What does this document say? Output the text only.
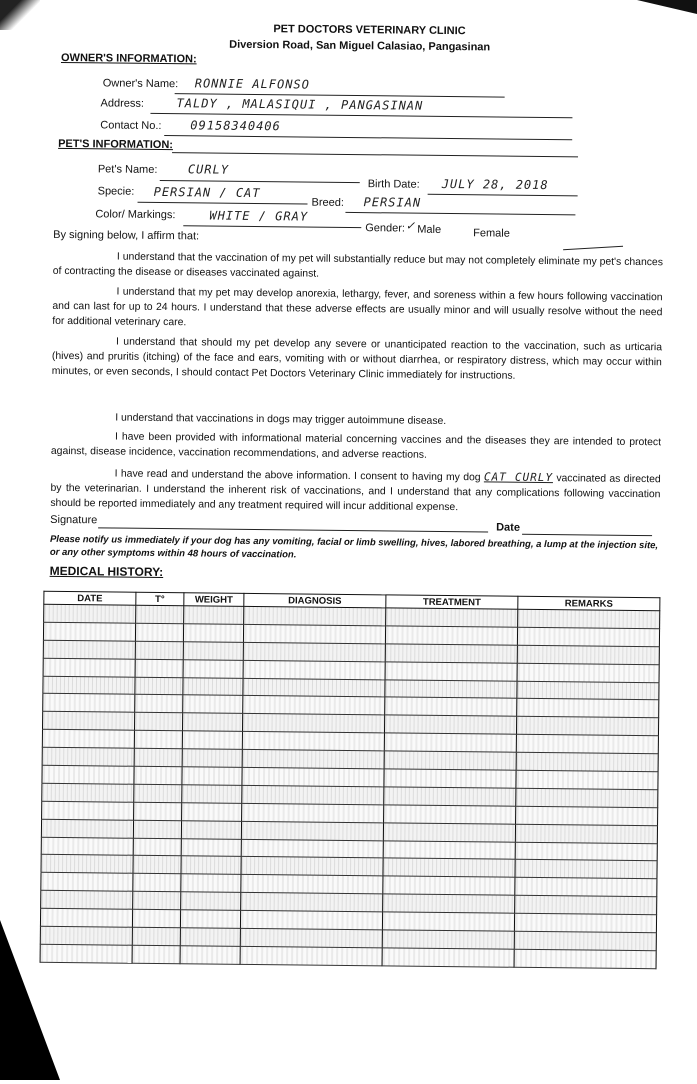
PET DOCTORS VETERINARY CLINIC
Diversion Road, San Miguel Calasiao, Pangasinan
OWNER'S INFORMATION:
Owner's Name: RONNIE ALFONSO
Address:	TALDY , MALASIQUI , PANGASINAN
Contact No.: 09158340406
PET'S INFORMATION:
Pet's Name:	CURLY
Birth Date: JULY 28, 2018
Specie: PERSIAN / CAT
Breed: PERSIAN
Color/ Markings:	WHITE / GRAY
Gender: ✓ Male	Female
By signing below, I affirm that:
I understand that the vaccination of my pet will substantially reduce but may not completely eliminate my pet's chances of contracting the disease or diseases vaccinated against.
I understand that my pet may develop anorexia, lethargy, fever, and soreness within a few hours following vaccination and can last for up to 24 hours. I understand that these adverse effects are usually minor and will usually resolve without the need for additional veterinary care.
I understand that should my pet develop any severe or unanticipated reaction to the vaccination, such as urticaria (hives) and pruritis (itching) of the face and ears, vomiting with or without diarrhea, or respiratory distress, which may occur within minutes, or even seconds, I should contact Pet Doctors Veterinary Clinic immediately for instructions.
I understand that vaccinations in dogs may trigger autoimmune disease.
I have been provided with informational material concerning vaccines and the diseases they are intended to protect against, disease incidence, vaccination recommendations, and adverse reactions.
I have read and understand the above information. I consent to having my dog CAT CURLY vaccinated as directed by the veterinarian. I understand the inherent risk of vaccinations, and I understand that any complications following vaccination should be reported immediately and any treatment required will incur additional expense.
Signature
Date
Please notify us immediately if your dog has any vomiting, facial or limb swelling, hives, labored breathing, a lump at the injection site, or any other symptoms within 48 hours of vaccination.
MEDICAL HISTORY:
DATE	T°	WEIGHT	DIAGNOSIS	TREATMENT	REMARKS
